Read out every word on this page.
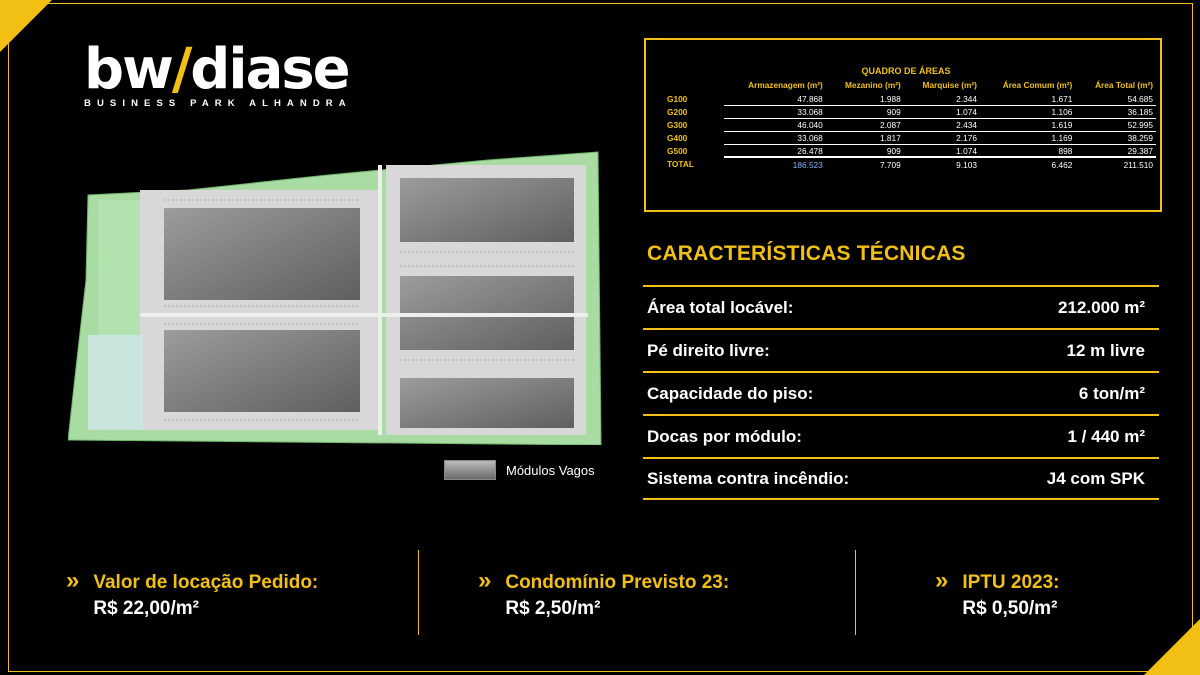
bw/diase
BUSINESS PARK ALHANDRA
Módulos Vagos
QUADRO DE ÁREAS
	Armazenagem (m²)	Mezanino (m²)	Marquise (m²)	Área Comum (m²)	Área Total (m²)
G100	47.868	1.988	2.344	1.671	54.685
G200	33.068	909	1.074	1.106	36.185
G300	46.040	2.087	2.434	1.619	52.995
G400	33.068	1.817	2.176	1.169	38.259
G500	26.478	909	1.074	898	29.387
TOTAL	186.523	7.709	9.103	6.462	211.510
CARACTERÍSTICAS TÉCNICAS
Área total locável:	212.000 m²
Pé direito livre:	12 m livre
Capacidade do piso:	6 ton/m²
Docas por módulo:	1 / 440 m²
Sistema contra incêndio:	J4 com SPK
» Valor de locação Pedido:
R$ 22,00/m²
» Condomínio Previsto 23:
R$ 2,50/m²
» IPTU 2023:
R$ 0,50/m²
